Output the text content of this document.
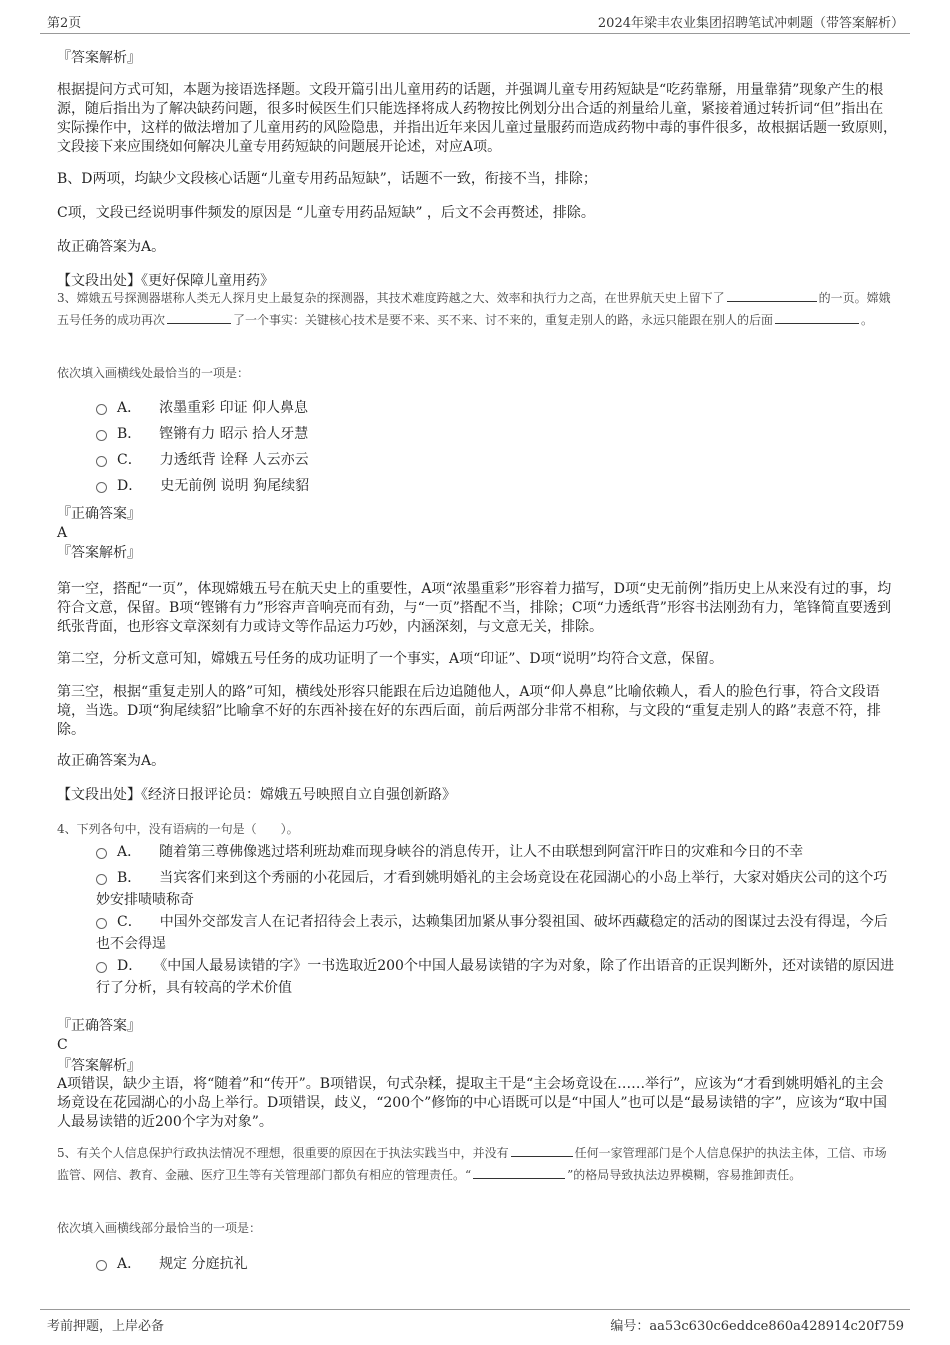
第2页	2024年梁丰农业集团招聘笔试冲刺题（带答案解析）
『答案解析』
根据提问方式可知，本题为接语选择题。文段开篇引出儿童用药的话题，并强调儿童专用药短缺是“吃药靠掰，用量靠猜”现象产生的根源，随后指出为了解决缺药问题，很多时候医生们只能选择将成人药物按比例划分出合适的剂量给儿童，紧接着通过转折词“但”指出在实际操作中，这样的做法增加了儿童用药的风险隐患，并指出近年来因儿童过量服药而造成药物中毒的事件很多，故根据话题一致原则，文段接下来应围绕如何解决儿童专用药短缺的问题展开论述，对应A项。
B、D两项，均缺少文段核心话题“儿童专用药品短缺”，话题不一致，衔接不当，排除；
C项，文段已经说明事件频发的原因是 “儿童专用药品短缺” ，后文不会再赘述，排除。
故正确答案为A。
【文段出处】《更好保障儿童用药》
3、嫦娥五号探测器堪称人类无人探月史上最复杂的探测器，其技术难度跨越之大、效率和执行力之高，在世界航天史上留下了	的一页。嫦娥五号任务的成功再次	了一个事实：关键核心技术是要不来、买不来、讨不来的，重复走别人的路，永远只能跟在别人的后面	。
依次填入画横线处最恰当的一项是：
A． 浓墨重彩 印证 仰人鼻息
B． 铿锵有力 昭示 拾人牙慧
C． 力透纸背 诠释 人云亦云
D． 史无前例 说明 狗尾续貂
『正确答案』
A
『答案解析』
第一空，搭配“一页”，体现嫦娥五号在航天史上的重要性，A项“浓墨重彩”形容着力描写，D项“史无前例”指历史上从来没有过的事，均符合文意，保留。B项“铿锵有力”形容声音响亮而有劲，与“一页”搭配不当，排除；C项“力透纸背”形容书法刚劲有力，笔锋简直要透到纸张背面，也形容文章深刻有力或诗文等作品运力巧妙，内涵深刻，与文意无关，排除。
第二空，分析文意可知，嫦娥五号任务的成功证明了一个事实，A项“印证”、D项“说明”均符合文意，保留。
第三空，根据“重复走别人的路”可知，横线处形容只能跟在后边追随他人，A项“仰人鼻息”比喻依赖人，看人的脸色行事，符合文段语境，当选。D项“狗尾续貂”比喻拿不好的东西补接在好的东西后面，前后两部分非常不相称，与文段的“重复走别人的路”表意不符，排除。
故正确答案为A。
【文段出处】《经济日报评论员：嫦娥五号映照自立自强创新路》
4、下列各句中，没有语病的一句是（　　）。
A． 随着第三尊佛像逃过塔利班劫难而现身峡谷的消息传开，让人不由联想到阿富汗昨日的灾难和今日的不幸
B． 当宾客们来到这个秀丽的小花园后，才看到姚明婚礼的主会场竟设在花园湖心的小岛上举行，大家对婚庆公司的这个巧妙安排啧啧称奇
C． 中国外交部发言人在记者招待会上表示，达赖集团加紧从事分裂祖国、破坏西藏稳定的活动的图谋过去没有得逞，今后也不会得逞
D． 《中国人最易读错的字》一书选取近200个中国人最易读错的字为对象，除了作出语音的正误判断外，还对读错的原因进行了分析，具有较高的学术价值
『正确答案』
C
『答案解析』
A项错误，缺少主语，将“随着”和“传开”。B项错误，句式杂糅，提取主干是“主会场竟设在……举行”，应该为“才看到姚明婚礼的主会场竟设在花园湖心的小岛上举行。D项错误，歧义，“200个”修饰的中心语既可以是“中国人”也可以是“最易读错的字”，应该为“取中国人最易读错的近200个字为对象”。
5、有关个人信息保护行政执法情况不理想，很重要的原因在于执法实践当中，并没有	任何一家管理部门是个人信息保护的执法主体，工信、市场监管、网信、教育、金融、医疗卫生等有关管理部门都负有相应的管理责任。“	”的格局导致执法边界模糊，容易推卸责任。
依次填入画横线部分最恰当的一项是：
A． 规定 分庭抗礼
考前押题，上岸必备	编号：aa53c630c6eddce860a428914c20f759
